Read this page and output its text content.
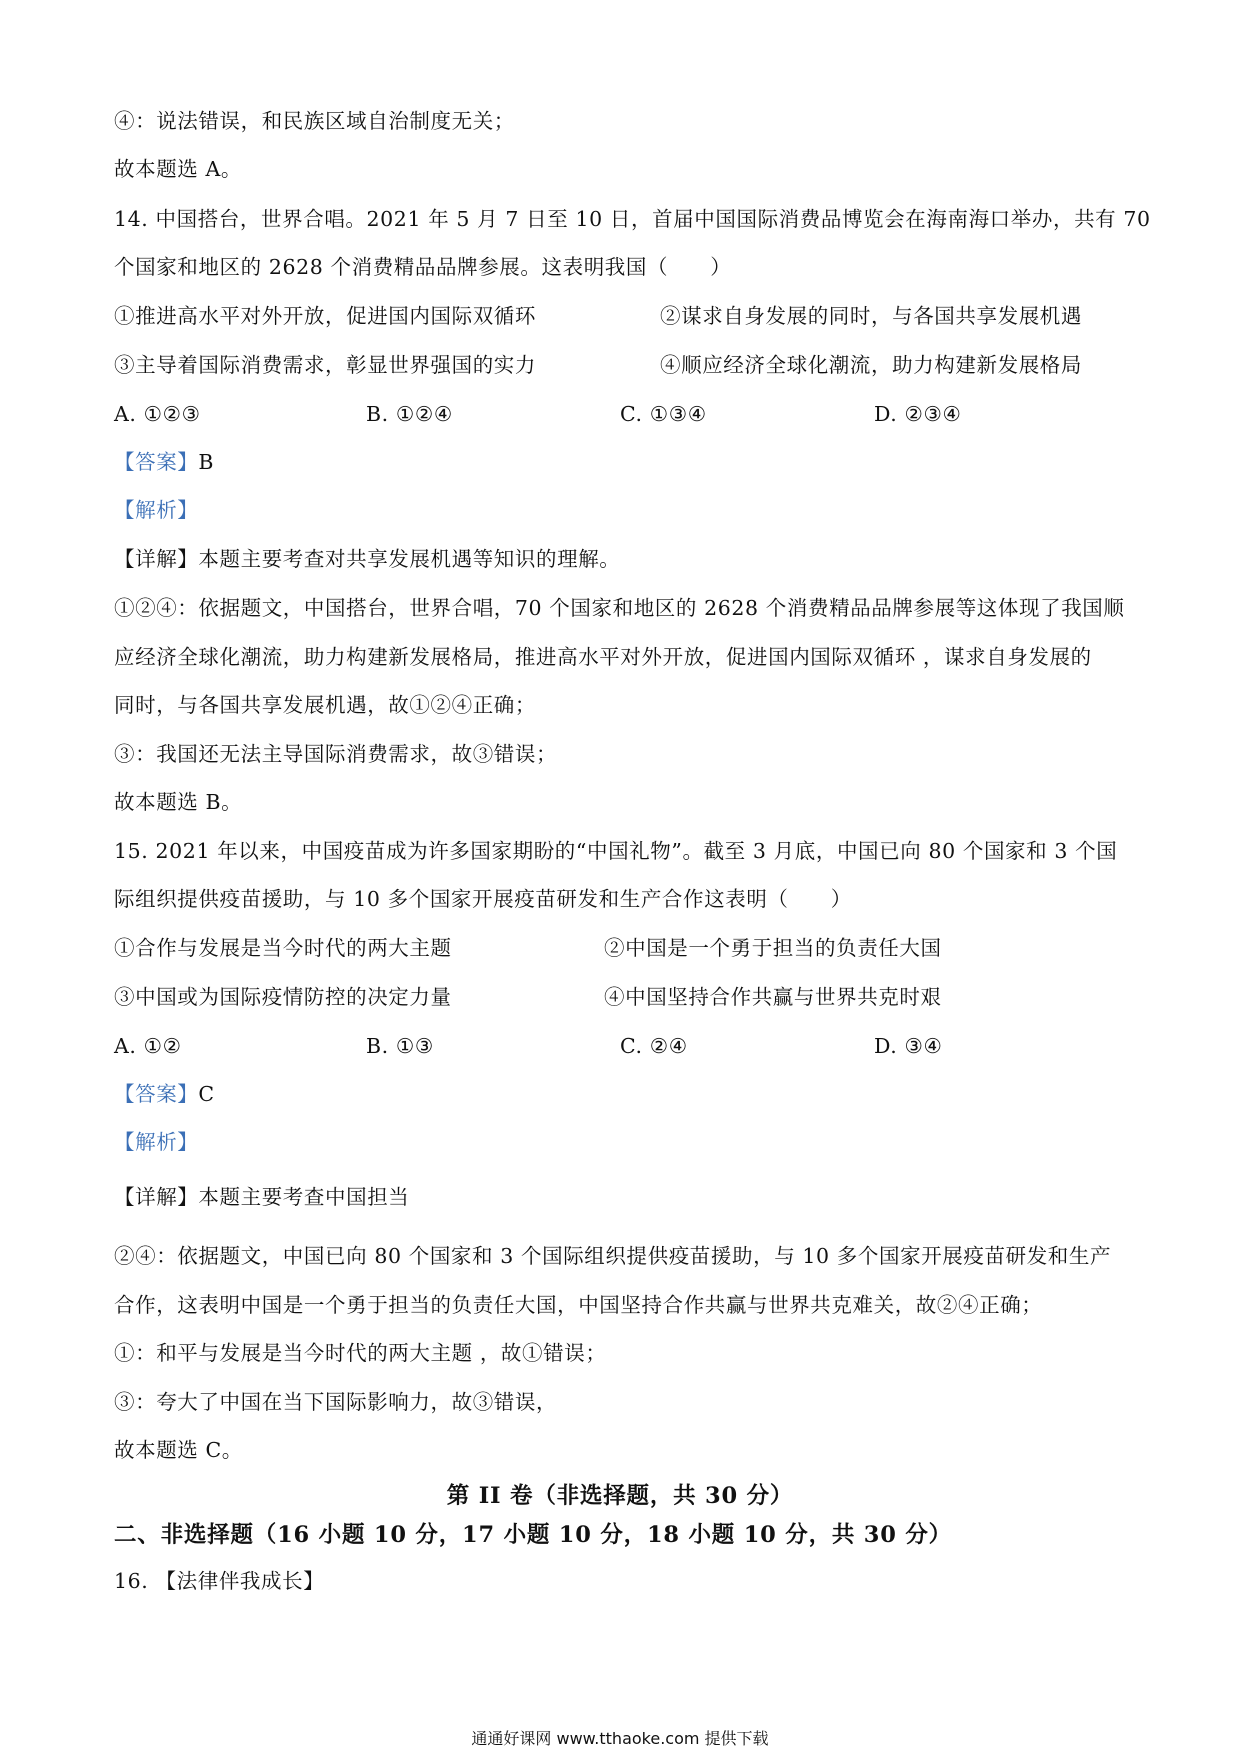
④：说法错误，和民族区域自治制度无关；
故本题选 A。
14. 中国搭台，世界合唱。2021 年 5 月 7 日至 10 日，首届中国国际消费品博览会在海南海口举办，共有 70
个国家和地区的 2628 个消费精品品牌参展。这表明我国（　　）
①推进高水平对外开放，促进国内国际双循环	②谋求自身发展的同时，与各国共享发展机遇
③主导着国际消费需求，彰显世界强国的实力	④顺应经济全球化潮流，助力构建新发展格局
A. ①②③	B. ①②④	C. ①③④	D. ②③④
【答案】B
【解析】
【详解】本题主要考查对共享发展机遇等知识的理解。
①②④：依据题文，中国搭台，世界合唱，70 个国家和地区的 2628 个消费精品品牌参展等这体现了我国顺
应经济全球化潮流，助力构建新发展格局，推进高水平对外开放，促进国内国际双循环 ，谋求自身发展的
同时，与各国共享发展机遇，故①②④正确；
③：我国还无法主导国际消费需求，故③错误；
故本题选 B。
15. 2021 年以来，中国疫苗成为许多国家期盼的“中国礼物”。截至 3 月底，中国已向 80 个国家和 3 个国
际组织提供疫苗援助，与 10 多个国家开展疫苗研发和生产合作这表明（　　）
①合作与发展是当今时代的两大主题	②中国是一个勇于担当的负责任大国
③中国或为国际疫情防控的决定力量	④中国坚持合作共赢与世界共克时艰
A. ①②	B. ①③	C. ②④	D. ③④
【答案】C
【解析】
【详解】本题主要考查中国担当
②④：依据题文，中国已向 80 个国家和 3 个国际组织提供疫苗援助，与 10 多个国家开展疫苗研发和生产
合作，这表明中国是一个勇于担当的负责任大国，中国坚持合作共赢与世界共克难关，故②④正确；
①：和平与发展是当今时代的两大主题 ，故①错误；
③：夸大了中国在当下国际影响力，故③错误，
故本题选 C。
第 II 卷（非选择题，共 30 分）
二、非选择题（16 小题 10 分，17 小题 10 分，18 小题 10 分，共 30 分）
16. 【法律伴我成长】
通通好课网 www.tthaoke.com 提供下载
